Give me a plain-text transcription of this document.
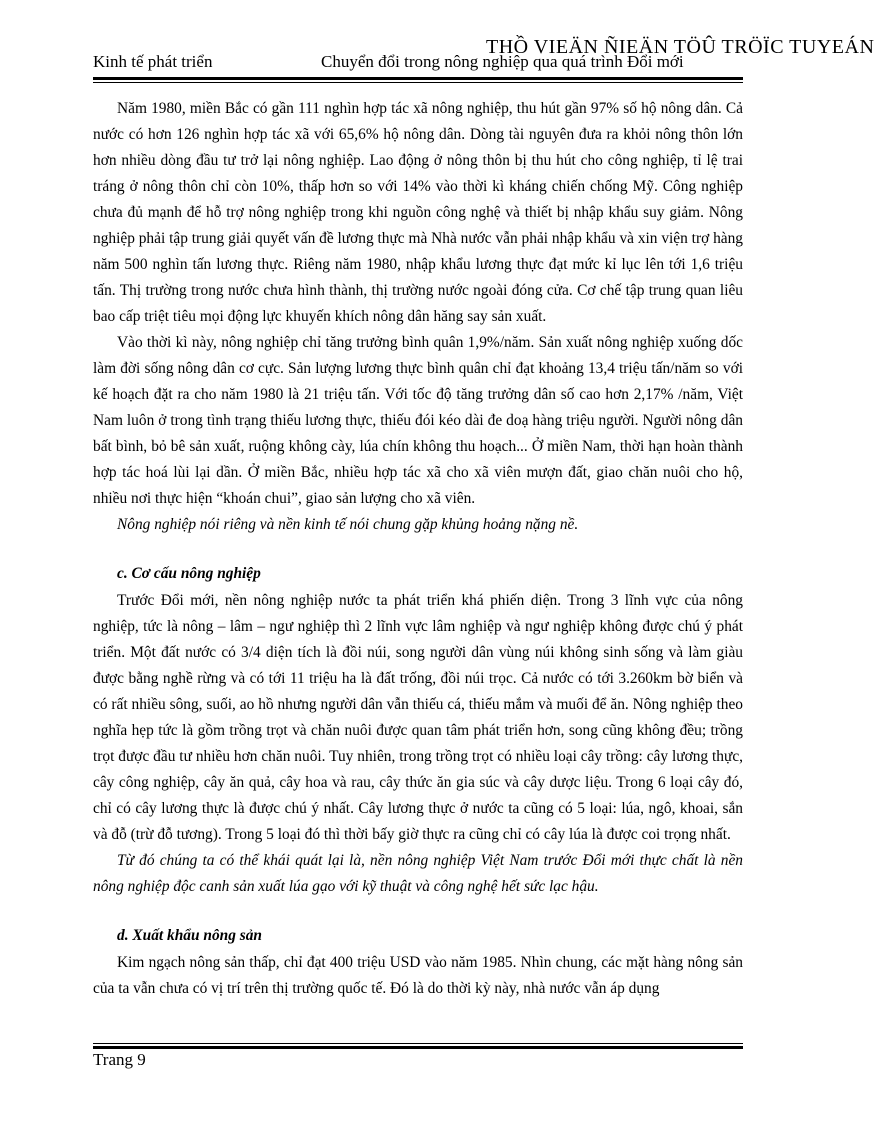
THỒ VIEÄN ÑIEÄN TÖÛ TRÖÏC TUYEÁN
Kinh tế phát triển	Chuyển đổi trong nông nghiệp qua quá trình Đổi mới

Năm 1980, miền Bắc có gần 111 nghìn hợp tác xã nông nghiệp, thu hút gần 97% số hộ nông dân. Cả nước có hơn 126 nghìn hợp tác xã với 65,6% hộ nông dân. Dòng tài nguyên đưa ra khỏi nông thôn lớn hơn nhiều dòng đầu tư trở lại nông nghiệp. Lao động ở nông thôn bị thu hút cho công nghiệp, tỉ lệ trai tráng ở nông thôn chỉ còn 10%, thấp hơn so với 14% vào thời kì kháng chiến chống Mỹ. Công nghiệp chưa đủ mạnh để hỗ trợ nông nghiệp trong khi nguồn công nghệ và thiết bị nhập khẩu suy giảm. Nông nghiệp phải tập trung giải quyết vấn đề lương thực mà Nhà nước vẫn phải nhập khẩu và xin viện trợ hàng năm 500 nghìn tấn lương thực. Riêng năm 1980, nhập khẩu lương thực đạt mức kỉ lục lên tới 1,6 triệu tấn. Thị trường trong nước chưa hình thành, thị trường nước ngoài đóng cửa. Cơ chế tập trung quan liêu bao cấp triệt tiêu mọi động lực khuyến khích nông dân hăng say sản xuất.

Vào thời kì này, nông nghiệp chỉ tăng trưởng bình quân 1,9%/năm. Sản xuất nông nghiệp xuống dốc làm đời sống nông dân cơ cực. Sản lượng lương thực bình quân chỉ đạt khoảng 13,4 triệu tấn/năm so với kế hoạch đặt ra cho năm 1980 là 21 triệu tấn. Với tốc độ tăng trưởng dân số cao hơn 2,17% /năm, Việt Nam luôn ở trong tình trạng thiếu lương thực, thiếu đói kéo dài đe doạ hàng triệu người. Người nông dân bất bình, bỏ bê sản xuất, ruộng không cày, lúa chín không thu hoạch... Ở miền Nam, thời hạn hoàn thành hợp tác hoá lùi lại dần. Ở miền Bắc, nhiều hợp tác xã cho xã viên mượn đất, giao chăn nuôi cho hộ, nhiều nơi thực hiện “khoán chui”, giao sản lượng cho xã viên.

Nông nghiệp nói riêng và nền kinh tế nói chung gặp khủng hoảng nặng nề.

c. Cơ cấu nông nghiệp

Trước Đổi mới, nền nông nghiệp nước ta phát triển khá phiến diện. Trong 3 lĩnh vực của nông nghiệp, tức là nông – lâm – ngư nghiệp thì 2 lĩnh vực lâm nghiệp và ngư nghiệp không được chú ý phát triển. Một đất nước có 3/4 diện tích là đồi núi, song người dân vùng núi không sinh sống và làm giàu được bằng nghề rừng và có tới 11 triệu ha là đất trống, đồi núi trọc. Cả nước có tới 3.260km bờ biển và có rất nhiều sông, suối, ao hồ nhưng người dân vẫn thiếu cá, thiếu mắm và muối để ăn. Nông nghiệp theo nghĩa hẹp tức là gồm trồng trọt và chăn nuôi được quan tâm phát triển hơn, song cũng không đều; trồng trọt được đầu tư nhiều hơn chăn nuôi. Tuy nhiên, trong trồng trọt có nhiều loại cây trồng: cây lương thực, cây công nghiệp, cây ăn quả, cây hoa và rau, cây thức ăn gia súc và cây dược liệu. Trong 6 loại cây đó, chỉ có cây lương thực là được chú ý nhất. Cây lương thực ở nước ta cũng có 5 loại: lúa, ngô, khoai, sắn và đỗ (trừ đỗ tương). Trong 5 loại đó thì thời bấy giờ thực ra cũng chỉ có cây lúa là được coi trọng nhất.

Từ đó chúng ta có thể khái quát lại là, nền nông nghiệp Việt Nam trước Đổi mới thực chất là nền nông nghiệp độc canh sản xuất lúa gạo với kỹ thuật và công nghệ hết sức lạc hậu.

d. Xuất khẩu nông sản

Kim ngạch nông sản thấp, chỉ đạt 400 triệu USD vào năm 1985. Nhìn chung, các mặt hàng nông sản của ta vẫn chưa có vị trí trên thị trường quốc tế. Đó là do thời kỳ này, nhà nước vẫn áp dụng

Trang 9
